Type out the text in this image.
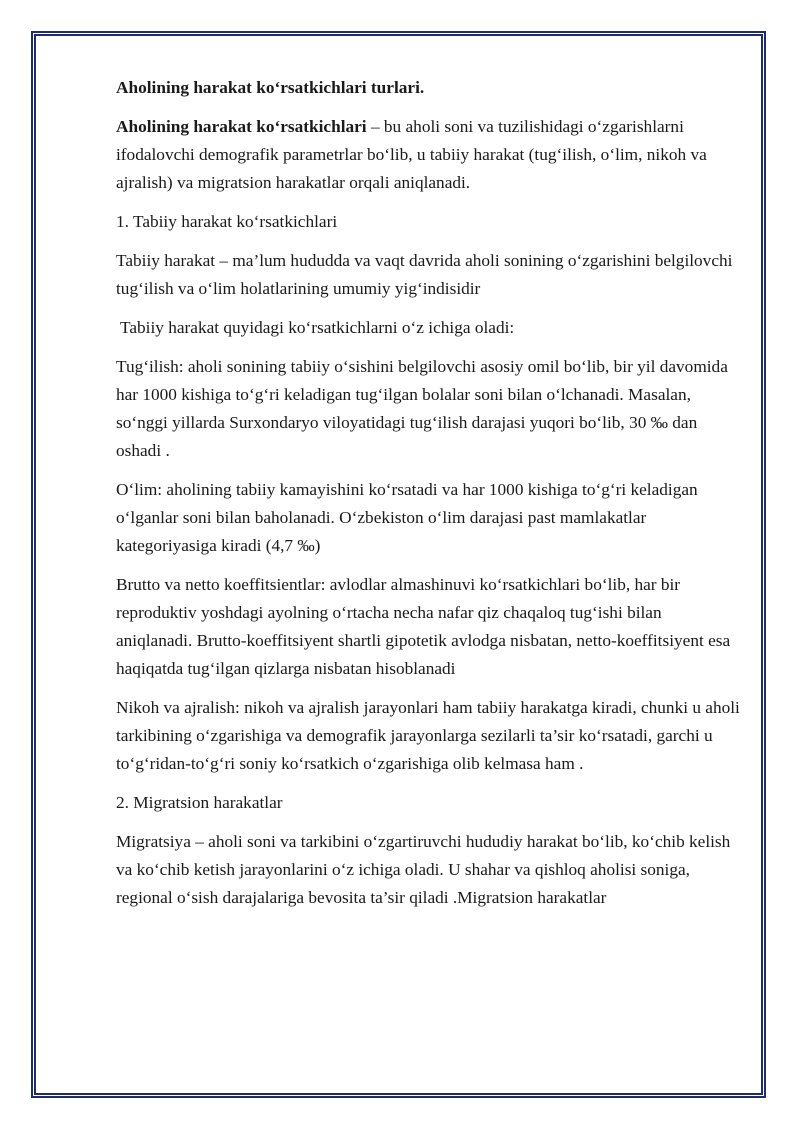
Aholining harakat ko‘rsatkichlari turlari.

Aholining harakat ko‘rsatkichlari – bu aholi soni va tuzilishidagi o‘zgarishlarni ifodalovchi demografik parametrlar bo‘lib, u tabiiy harakat (tug‘ilish, o‘lim, nikoh va ajralish) va migratsion harakatlar orqali aniqlanadi.

1. Tabiiy harakat ko‘rsatkichlari

Tabiiy harakat – ma’lum hududda va vaqt davrida aholi sonining o‘zgarishini belgilovchi tug‘ilish va o‘lim holatlarining umumiy yig‘indisidir

Tabiiy harakat quyidagi ko‘rsatkichlarni o‘z ichiga oladi:

Tug‘ilish: aholi sonining tabiiy o‘sishini belgilovchi asosiy omil bo‘lib, bir yil davomida har 1000 kishiga to‘g‘ri keladigan tug‘ilgan bolalar soni bilan o‘lchanadi. Masalan, so‘nggi yillarda Surxondaryo viloyatidagi tug‘ilish darajasi yuqori bo‘lib, 30 ‰ dan oshadi .

O‘lim: aholining tabiiy kamayishini ko‘rsatadi va har 1000 kishiga to‘g‘ri keladigan o‘lganlar soni bilan baholanadi. O‘zbekiston o‘lim darajasi past mamlakatlar kategoriyasiga kiradi (4,7 ‰)

Brutto va netto koeffitsientlar: avlodlar almashinuvi ko‘rsatkichlari bo‘lib, har bir reproduktiv yoshdagi ayolning o‘rtacha necha nafar qiz chaqaloq tug‘ishi bilan aniqlanadi. Brutto-koeffitsiyent shartli gipotetik avlodga nisbatan, netto-koeffitsiyent esa haqiqatda tug‘ilgan qizlarga nisbatan hisoblanadi

Nikoh va ajralish: nikoh va ajralish jarayonlari ham tabiiy harakatga kiradi, chunki u aholi tarkibining o‘zgarishiga va demografik jarayonlarga sezilarli ta’sir ko‘rsatadi, garchi u to‘g‘ridan-to‘g‘ri soniy ko‘rsatkich o‘zgarishiga olib kelmasa ham .

2. Migratsion harakatlar

Migratsiya – aholi soni va tarkibini o‘zgartiruvchi hududiy harakat bo‘lib, ko‘chib kelish va ko‘chib ketish jarayonlarini o‘z ichiga oladi. U shahar va qishloq aholisi soniga, regional o‘sish darajalariga bevosita ta’sir qiladi .Migratsion harakatlar
